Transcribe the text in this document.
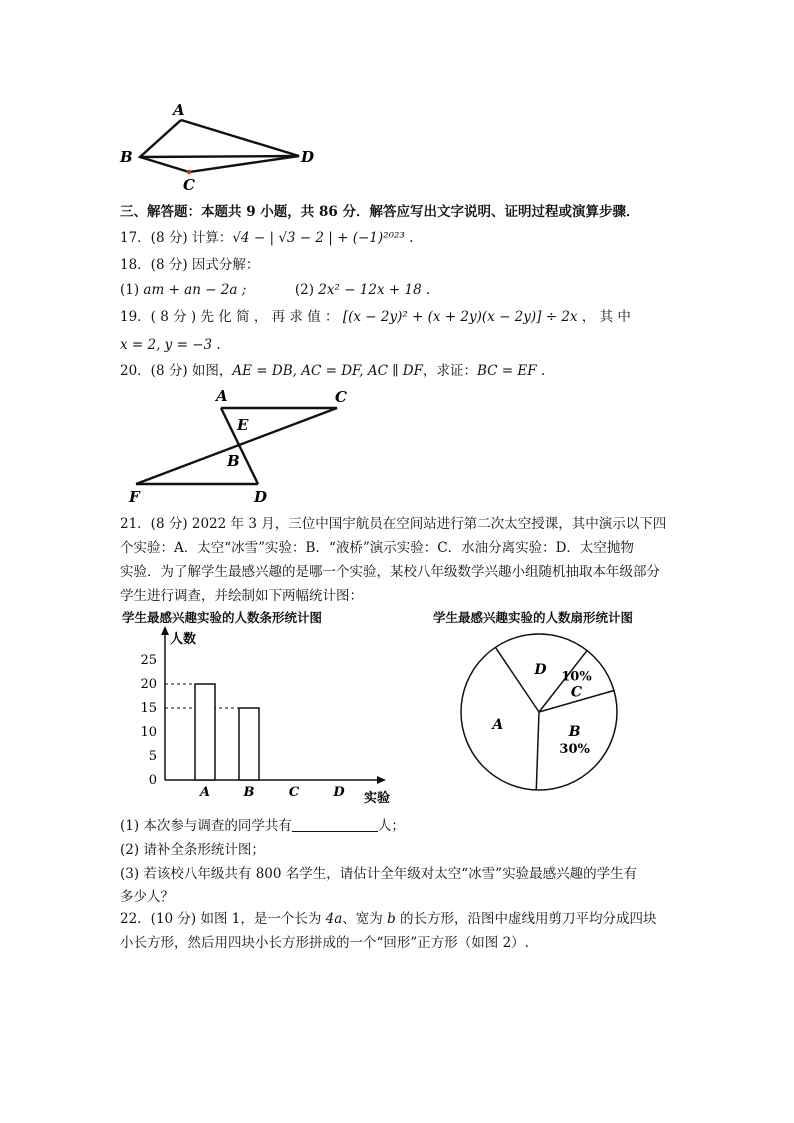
A
B
C
D
三、解答题：本题共 9 小题，共 86 分．解答应写出文字说明、证明过程或演算步骤．
17．(8 分) 计算：√4 − | √3 − 2 | + (−1)²⁰²³ .
18．(8 分) 因式分解：
(1) am + an − 2a ;	(2) 2x² − 12x + 18 .
19．( 8 分 ) 先 化 简 ， 再 求 值 ： [(x − 2y)² + (x + 2y)(x − 2y)] ÷ 2x ， 其 中
x = 2, y = −3 .
20．(8 分) 如图，AE = DB, AC = DF, AC ∥ DF，求证：BC = EF .
A	C
E
B
F	D
21．(8 分) 2022 年 3 月，三位中国宇航员在空间站进行第二次太空授课，其中演示以下四
个实验：A．太空“冰雪”实验：B．“液桥”演示实验：C．水油分离实验：D．太空抛物
实验．为了解学生最感兴趣的是哪一个实验，某校八年级数学兴趣小组随机抽取本年级部分
学生进行调查，并绘制如下两幅统计图：
学生最感兴趣实验的人数条形统计图
人数
实验
0
5
10
15
20
25
A	B	C	D
学生最感兴趣实验的人数扇形统计图
C
10%
B
30%
A
D
(1) 本次参与调查的同学共有	人；
(2) 请补全条形统计图；
(3) 若该校八年级共有 800 名学生，请估计全年级对太空“冰雪”实验最感兴趣的学生有
多少人？
22．(10 分) 如图 1，是一个长为 4a、宽为 b 的长方形，沿图中虚线用剪刀平均分成四块
小长方形，然后用四块小长方形拼成的一个“回形”正方形（如图 2）.
